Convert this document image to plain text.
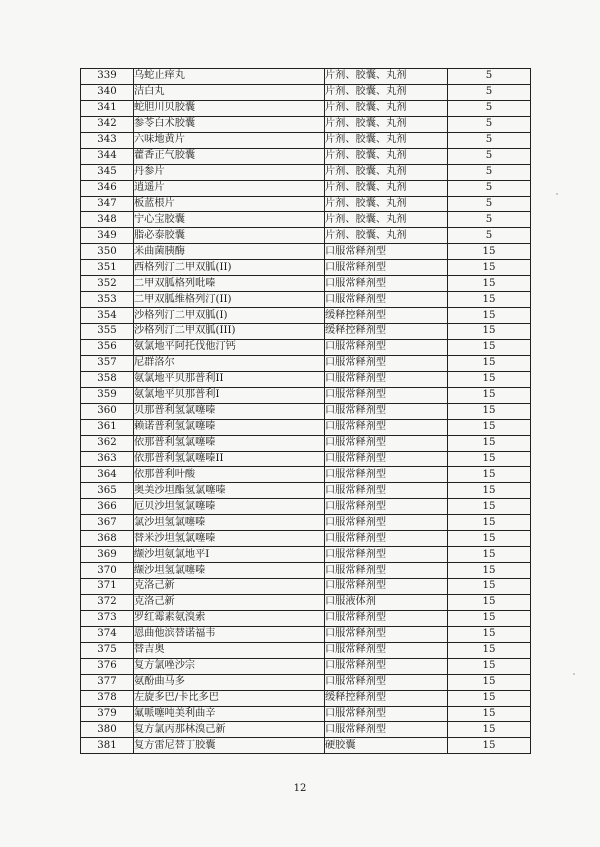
339	乌蛇止痒丸	片剂、胶囊、丸剂	5
340	洁白丸	片剂、胶囊、丸剂	5
341	蛇胆川贝胶囊	片剂、胶囊、丸剂	5
342	参苓白术胶囊	片剂、胶囊、丸剂	5
343	六味地黄片	片剂、胶囊、丸剂	5
344	藿香正气胶囊	片剂、胶囊、丸剂	5
345	丹参片	片剂、胶囊、丸剂	5
346	逍遥片	片剂、胶囊、丸剂	5
347	板蓝根片	片剂、胶囊、丸剂	5
348	宁心宝胶囊	片剂、胶囊、丸剂	5
349	脂必泰胶囊	片剂、胶囊、丸剂	5
350	米曲菌胰酶	口服常释剂型	15
351	西格列汀二甲双胍(II)	口服常释剂型	15
352	二甲双胍格列吡嗪	口服常释剂型	15
353	二甲双胍维格列汀(II)	口服常释剂型	15
354	沙格列汀二甲双胍(I)	缓释控释剂型	15
355	沙格列汀二甲双胍(III)	缓释控释剂型	15
356	氨氯地平阿托伐他汀钙	口服常释剂型	15
357	尼群洛尔	口服常释剂型	15
358	氨氯地平贝那普利II	口服常释剂型	15
359	氨氯地平贝那普利I	口服常释剂型	15
360	贝那普利氢氯噻嗪	口服常释剂型	15
361	赖诺普利氢氯噻嗪	口服常释剂型	15
362	依那普利氢氯噻嗪	口服常释剂型	15
363	依那普利氢氯噻嗪II	口服常释剂型	15
364	依那普利叶酸	口服常释剂型	15
365	奥美沙坦酯氢氯噻嗪	口服常释剂型	15
366	厄贝沙坦氢氯噻嗪	口服常释剂型	15
367	氯沙坦氢氯噻嗪	口服常释剂型	15
368	替米沙坦氢氯噻嗪	口服常释剂型	15
369	缬沙坦氨氯地平I	口服常释剂型	15
370	缬沙坦氢氯噻嗪	口服常释剂型	15
371	克洛己新	口服常释剂型	15
372	克洛己新	口服液体剂	15
373	罗红霉素氨溴索	口服常释剂型	15
374	恩曲他滨替诺福韦	口服常释剂型	15
375	替吉奥	口服常释剂型	15
376	复方氯唑沙宗	口服常释剂型	15
377	氨酚曲马多	口服常释剂型	15
378	左旋多巴/卡比多巴	缓释控释剂型	15
379	氟哌噻吨美利曲辛	口服常释剂型	15
380	复方氯丙那林溴己新	口服常释剂型	15
381	复方雷尼替丁胶囊	硬胶囊	15
12
